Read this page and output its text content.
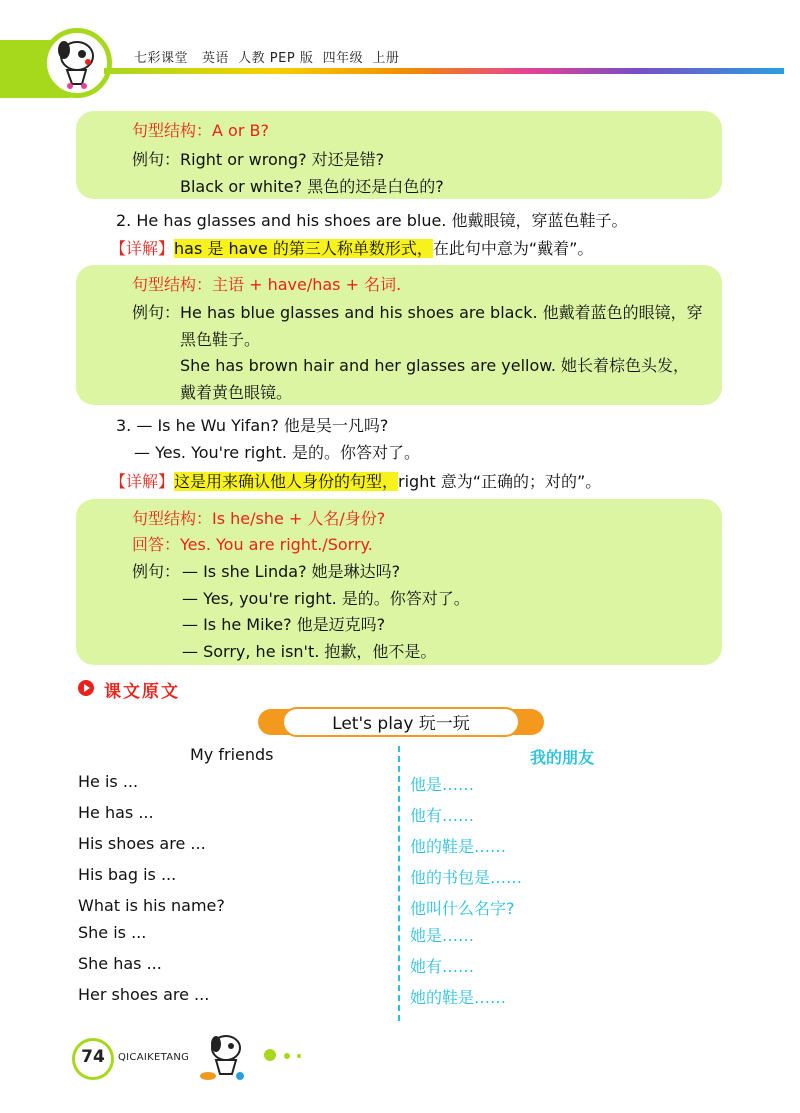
七彩课堂   英语  人教 PEP 版  四年级  上册
句型结构：A or B?
例句： Right or wrong? 对还是错?
Black or white? 黑色的还是白色的?
2. He has glasses and his shoes are blue. 他戴眼镜，穿蓝色鞋子。
【详解】has 是 have 的第三人称单数形式，在此句中意为“戴着”。
句型结构：主语 + have/has + 名词.
例句： He has blue glasses and his shoes are black. 他戴着蓝色的眼镜，穿
黑色鞋子。
She has brown hair and her glasses are yellow. 她长着棕色头发，
戴着黄色眼镜。
3. — Is he Wu Yifan? 他是吴一凡吗?
— Yes. You're right. 是的。你答对了。
【详解】这是用来确认他人身份的句型，right 意为“正确的；对的”。
句型结构：Is he/she + 人名/身份?
回答：Yes. You are right./Sorry.
例句： — Is she Linda? 她是琳达吗?
— Yes, you're right. 是的。你答对了。
— Is he Mike? 他是迈克吗?
— Sorry, he isn't. 抱歉，他不是。
课文原文
Let's play 玩一玩
My friends	我的朋友
He is ...	他是……
He has ...	他有……
His shoes are ...	他的鞋是……
His bag is ...	他的书包是……
What is his name?	他叫什么名字?
She is ...	她是……
She has ...	她有……
Her shoes are ...	她的鞋是……
74	QICAIKETANG
